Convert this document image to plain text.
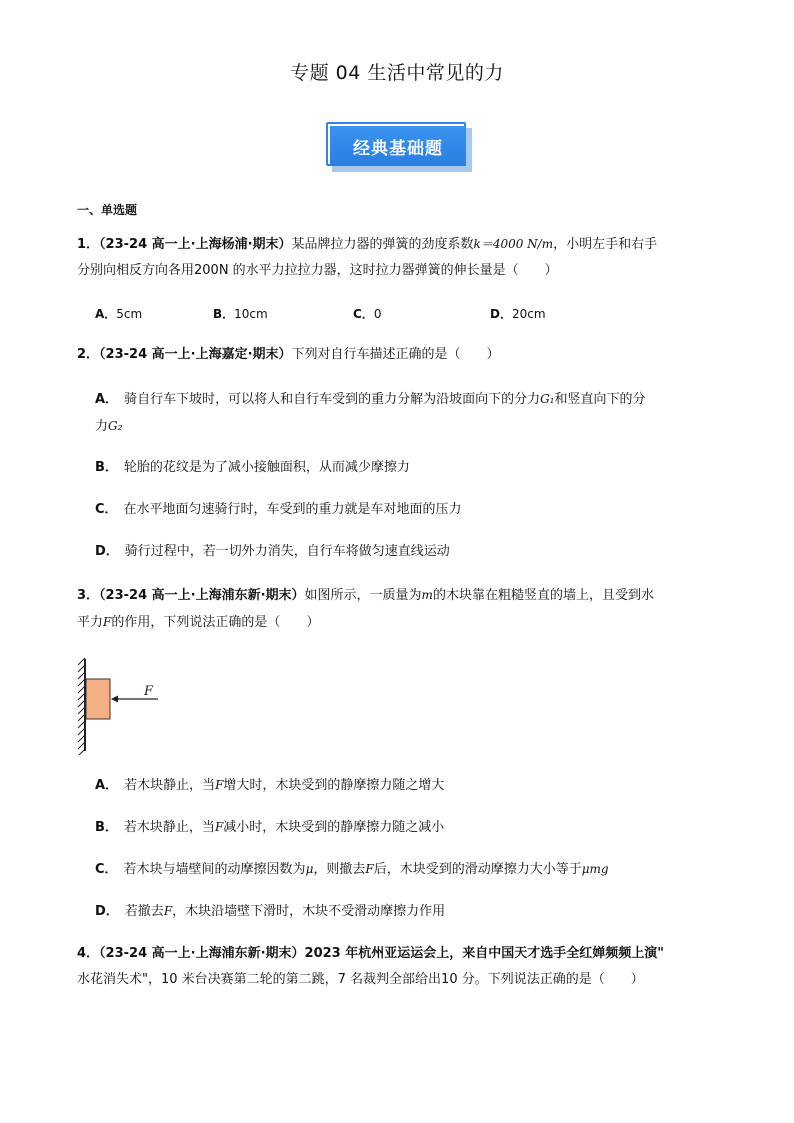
专题 04 生活中常见的力
经典基础题
一、单选题
1．（23-24 高一上·上海杨浦·期末）某品牌拉力器的弹簧的劲度系数k＝4000 N/m，小明左手和右手
分别向相反方向各用200N 的水平力拉拉力器，这时拉力器弹簧的伸长量是（　　）
A．5cm	B．10cm	C．0	D．20cm
2．（23-24 高一上·上海嘉定·期末）下列对自行车描述正确的是（　　）
A． 骑自行车下坡时，可以将人和自行车受到的重力分解为沿坡面向下的分力G₁和竖直向下的分
力G₂
B． 轮胎的花纹是为了减小接触面积，从而减少摩擦力
C． 在水平地面匀速骑行时，车受到的重力就是车对地面的压力
D． 骑行过程中，若一切外力消失，自行车将做匀速直线运动
3．（23-24 高一上·上海浦东新·期末）如图所示，一质量为m的木块靠在粗糙竖直的墙上，且受到水
平力F的作用，下列说法正确的是（　　）
F
A． 若木块静止，当F增大时，木块受到的静摩擦力随之增大
B． 若木块静止，当F减小时，木块受到的静摩擦力随之减小
C． 若木块与墙壁间的动摩擦因数为μ，则撤去F后，木块受到的滑动摩擦力大小等于μmg
D． 若撤去F，木块沿墙壁下滑时，木块不受滑动摩擦力作用
4．（23-24 高一上·上海浦东新·期末）2023 年杭州亚运运会上，来自中国天才选手全红婵频频上演"
水花消失术"，10 米台决赛第二轮的第二跳，7 名裁判全部给出10 分。下列说法正确的是（　　）
